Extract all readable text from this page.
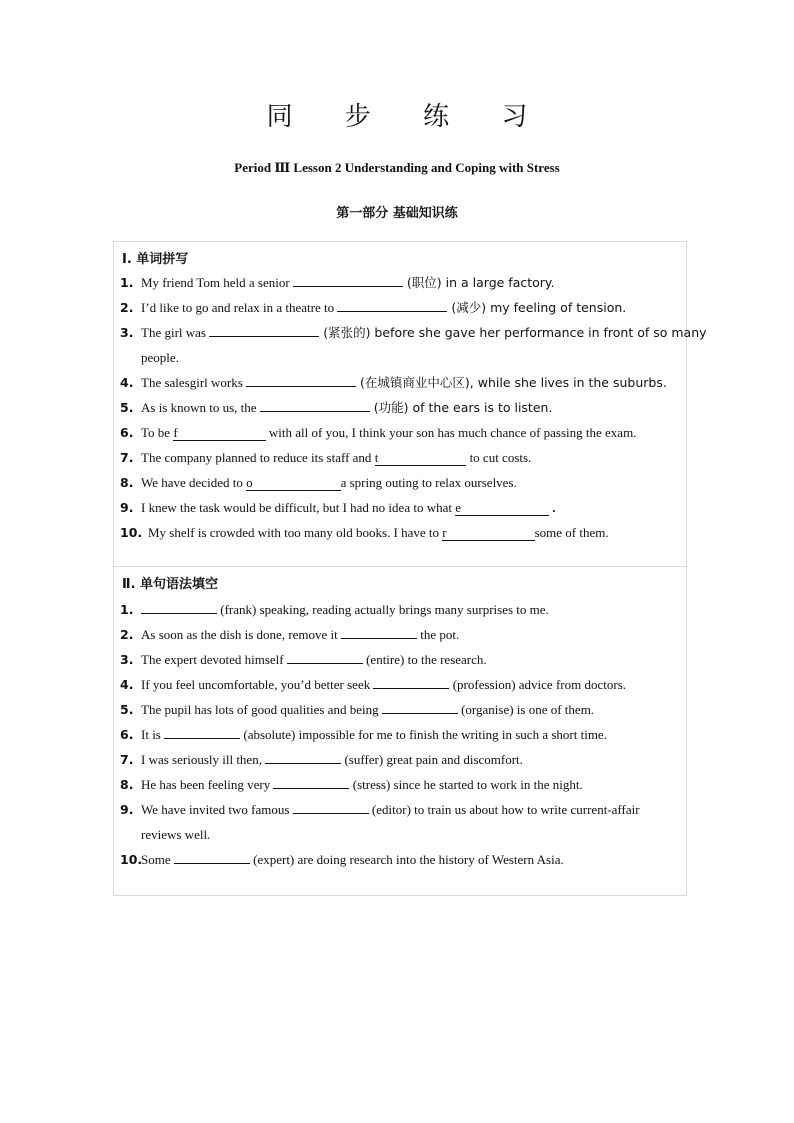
同 步 练 习
Period Ⅲ Lesson 2 Understanding and Coping with Stress
第一部分 基础知识练
Ⅰ. 单词拼写
1. My friend Tom held a senior	(职位) in a large factory.
2. I’d like to go and relax in a theatre to	(减少) my feeling of tension.
3. The girl was	(紧张的) before she gave her performance in front of so many
people.
4. The salesgirl works	(在城镇商业中心区), while she lives in the suburbs.
5. As is known to us, the	(功能) of the ears is to listen.
6. To be f	with all of you, I think your son has much chance of passing the exam.
7. The company planned to reduce its staff and t	to cut costs.
8. We have decided to o	a spring outing to relax ourselves.
9. I knew the task would be difficult, but I had no idea to what e	.
10. My shelf is crowded with too many old books. I have to r	some of them.
Ⅱ. 单句语法填空
1.	(frank) speaking, reading actually brings many surprises to me.
2. As soon as the dish is done, remove it	the pot.
3. The expert devoted himself	(entire) to the research.
4. If you feel uncomfortable, you’d better seek	(profession) advice from doctors.
5. The pupil has lots of good qualities and being	(organise) is one of them.
6. It is	(absolute) impossible for me to finish the writing in such a short time.
7. I was seriously ill then,	(suffer) great pain and discomfort.
8. He has been feeling very	(stress) since he started to work in the night.
9. We have invited two famous	(editor) to train us about how to write current-affair
reviews well.
10.
Some	(expert) are doing research into the history of Western Asia.
